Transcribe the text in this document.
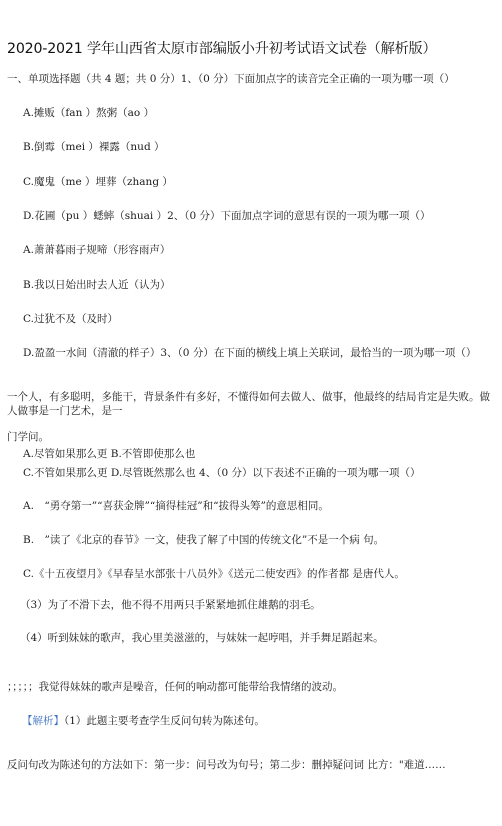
2020-2021 学年山西省太原市部编版小升初考试语文试卷（解析版）
一、单项选择题（共 4 题；共 0 分）1、（0 分）下面加点字的读音完全正确的一项为哪一项（）
A.摊贩（fan ）熬粥（ao ）
B.倒霉（mei ）裸露（nud ）
C.魔鬼（me ）埋葬（zhang ）
D.花圃（pu ）蟋蟀（shuai ）2、（0 分）下面加点字词的意思有误的一项为哪一项（）
A.萧萧暮雨子规啼（形容雨声）
B.我以日始出时去人近（认为）
C.过犹不及（及时）
D.盈盈一水间（清澈的样子）3、（0 分）在下面的横线上填上关联词，最恰当的一项为哪一项（）
一个人，有多聪明，多能干，背景条件有多好，不懂得如何去做人、做事，他最终的结局肯定是失败。做人做事是一门艺术，是一
门学问。
A.尽管如果那么更 B.不管即使那么也
C.不管如果那么更 D.尽管既然那么也 4、（0 分）以下表述不正确的一项为哪一项（）
A.　“勇夺第一”“喜获金牌”“摘得桂冠”和“拔得头筹”的意思相同。
B.　”读了《北京的春节》一文，使我了解了中国的传统文化”不是一个病 句。
C.《十五夜望月》《早春呈水部张十八员外》《送元二使安西》的作者都 是唐代人。
（3）为了不滑下去，他不得不用两只手紧紧地抓住雄鹅的羽毛。
（4）听到妹妹的歌声，我心里美滋滋的，与妹妹一起哼唱，并手舞足蹈起来。
；；；；；我觉得妹妹的歌声是噪音，任何的响动都可能带给我情绪的波动。
【解析】（1）此题主要考查学生反问句转为陈述句。
反问句改为陈述句的方法如下：第一步：问号改为句号；第二步：删掉疑问词 比方："难道……
